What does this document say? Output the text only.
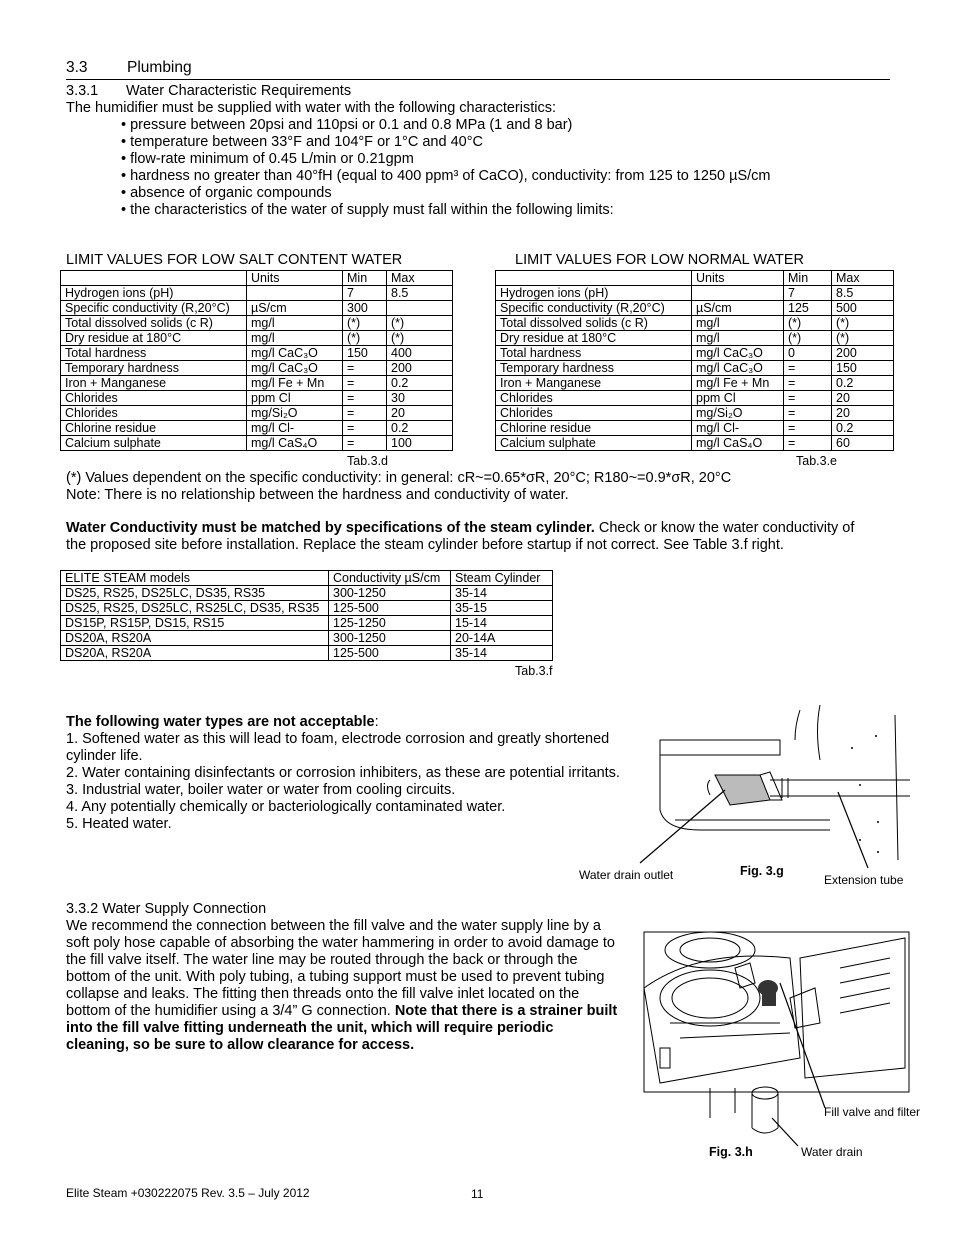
3.3	Plumbing
3.3.1 Water Characteristic Requirements
The humidifier must be supplied with water with the following characteristics:
• pressure between 20psi and 110psi or 0.1 and 0.8 MPa (1 and 8 bar)
• temperature between 33°F and 104°F or 1°C and 40°C
• flow-rate minimum of 0.45 L/min or 0.21gpm
• hardness no greater than 40°fH (equal to 400 ppm³ of CaCO), conductivity: from 125 to 1250 µS/cm
• absence of organic compounds
• the characteristics of the water of supply must fall within the following limits:
LIMIT VALUES FOR LOW SALT CONTENT WATER	LIMIT VALUES FOR LOW NORMAL WATER
	Units	Min	Max
Hydrogen ions (pH)		7	8.5
Specific conductivity (R,20°C)	µS/cm	300	
Total dissolved solids (c R)	mg/l	(*)	(*)
Dry residue at 180°C	mg/l	(*)	(*)
Total hardness	mg/l CaC₃O	150	400
Temporary hardness	mg/l CaC₃O	=	200
Iron + Manganese	mg/l Fe + Mn	=	0.2
Chlorides	ppm Cl	=	30
Chlorides	mg/Si₂O	=	20
Chlorine residue	mg/l Cl-	=	0.2
Calcium sulphate	mg/l CaS₄O	=	100
Tab.3.d
	Units	Min	Max
Hydrogen ions (pH)		7	8.5
Specific conductivity (R,20°C)	µS/cm	125	500
Total dissolved solids (c R)	mg/l	(*)	(*)
Dry residue at 180°C	mg/l	(*)	(*)
Total hardness	mg/l CaC₃O	0	200
Temporary hardness	mg/l CaC₃O	=	150
Iron + Manganese	mg/l Fe + Mn	=	0.2
Chlorides	ppm Cl	=	20
Chlorides	mg/Si₂O	=	20
Chlorine residue	mg/l Cl-	=	0.2
Calcium sulphate	mg/l CaS₄O	=	60
Tab.3.e
(*) Values dependent on the specific conductivity: in general: cR~=0.65*σR, 20°C; R180~=0.9*σR, 20°C
Note: There is no relationship between the hardness and conductivity of water.
Water Conductivity must be matched by specifications of the steam cylinder. Check or know the water conductivity of the proposed site before installation. Replace the steam cylinder before startup if not correct. See Table 3.f right.
ELITE STEAM models	Conductivity µS/cm	Steam Cylinder
DS25, RS25, DS25LC, DS35, RS35	300-1250	35-14
DS25, RS25, DS25LC, RS25LC, DS35, RS35	125-500	35-15
DS15P, RS15P, DS15, RS15	125-1250	15-14
DS20A, RS20A	300-1250	20-14A
DS20A, RS20A	125-500	35-14
Tab.3.f
The following water types are not acceptable:
1. Softened water as this will lead to foam, electrode corrosion and greatly shortened
cylinder life.
2. Water containing disinfectants or corrosion inhibiters, as these are potential irritants.
3. Industrial water, boiler water or water from cooling circuits.
4. Any potentially chemically or bacteriologically contaminated water.
5. Heated water.
Water drain outlet	Fig. 3.g
Extension tube
3.3.2 Water Supply Connection
We recommend the connection between the fill valve and the water supply line by a
soft poly hose capable of absorbing the water hammering in order to avoid damage to
the fill valve itself. The water line may be routed through the back or through the
bottom of the unit. With poly tubing, a tubing support must be used to prevent tubing
collapse and leaks. The fitting then threads onto the fill valve inlet located on the
bottom of the humidifier using a 3/4” G connection. Note that there is a strainer built
into the fill valve fitting underneath the unit, which will require periodic
cleaning, so be sure to allow clearance for access.
Fill valve and filter
Fig. 3.h	Water drain
Elite Steam +030222075 Rev. 3.5 – July 2012	11
